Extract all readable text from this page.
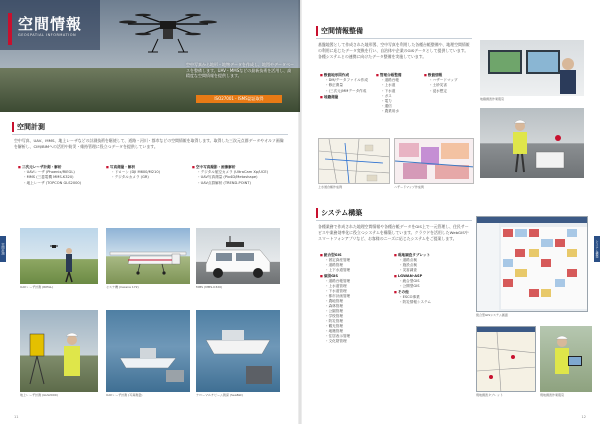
空間情報
GEOSPATIAL INFORMATION
空中写真から地形・地物データを作成し、地図やデータベースを整備します。UAV・MMSなどの最新技術を活用し、高精度な空間情報を提供します。
ISO27001・ISMS認証取得
空間計測
空中写真、UAV、MMS、地上レーザなどの計測技術を駆使して、道路・河川・都市などの空間情報を取得します。取得した三次元点群データやオルソ画像を解析し、CIM/BIMへの活用や防災・維持管理に役立つデータを提供しています。
■ 三次元レーザ計測・解析
・ UAVレーザ (Phoenix/RIEGL)
・ MMS (三菱電機 MMS-K320)
・ 地上レーザ (TOPCON GLS2000)
■ 写真測量・解析
・ ドローン (DJI M600/M210)
・ デジタルカメラ (GR)
■ 空中写真撮影・画像解析
・ デジタル航空カメラ (UltraCam Xp/UCE)
・ UAV写真測量 (Pix4D/Metashape)
・ UAV点群解析 (TREND-POINT)
UAVレーザ計測 (RIEGL)	セスナ機 (Cessna 172)	MMS (MMS-K320)
地上レーザ計測 (GLS2000)	UAVレーザ計測 (写真測量)	ナローマルチビーム測深 (SeaBat)
空間計測
11
空間情報整備
基盤地図として作成された地形図、空中写真を利用した各種台帳整備や、地理空間情報の利用に応じたデータ変換を行い、自治体や企業のGISデータとして提供しています。各種システムとの連携に向けたデータ整備を実施しています。
■ 数値地形図作成
・ DM/データファイル作成
・ 修正測量
・ (三次元)MMデータ作成
■ 地籍測量
■ 管理台帳整備
・ 道路台帳
・ 上水道
・ 下水道
・ ガス
・ 電力
・ 通信
・ 農業用水
■ 数値情報
・ ハザードマップ
・ 土砂災害
・ 浸水想定
地籍調査作業風景
上水道台帳作成例	ハザードマップ作成例
システム構築
各種業務で作成された地理空間情報や各種台帳データをGIS上で一元管理し、住民サービスや業務効率化に役立つシステムを構築しています。クラウドを活用したWebGISやスマートフォンアプリなど、お客様のニーズに応じたシステムをご提案します。
■ 統合型GIS
・ 固定資産管理
・ 道路管理
・ 上下水道管理
■ 個別GIS
・ 道路台帳管理
・ 上水道管理
・ 下水道管理
・ 都市計画管理
・ 農地管理
・ 森林管理
・ 公園管理
・ 学校管理
・ 防災管理
・ 観光管理
・ 地籍管理
・ 住居表示管理
・ 文化財管理
■ 現地調査タブレット
・ 道路点検
・ 施設点検
・ 災害調査
■ LGWAN-ASP
・ 統合型GIS
・ 公開型GIS
■ その他
・ ESCO事業
・ 防災情報システム
統合型GISシステム画面
現地調査タブレット	現地調査作業風景
システム構築
12
